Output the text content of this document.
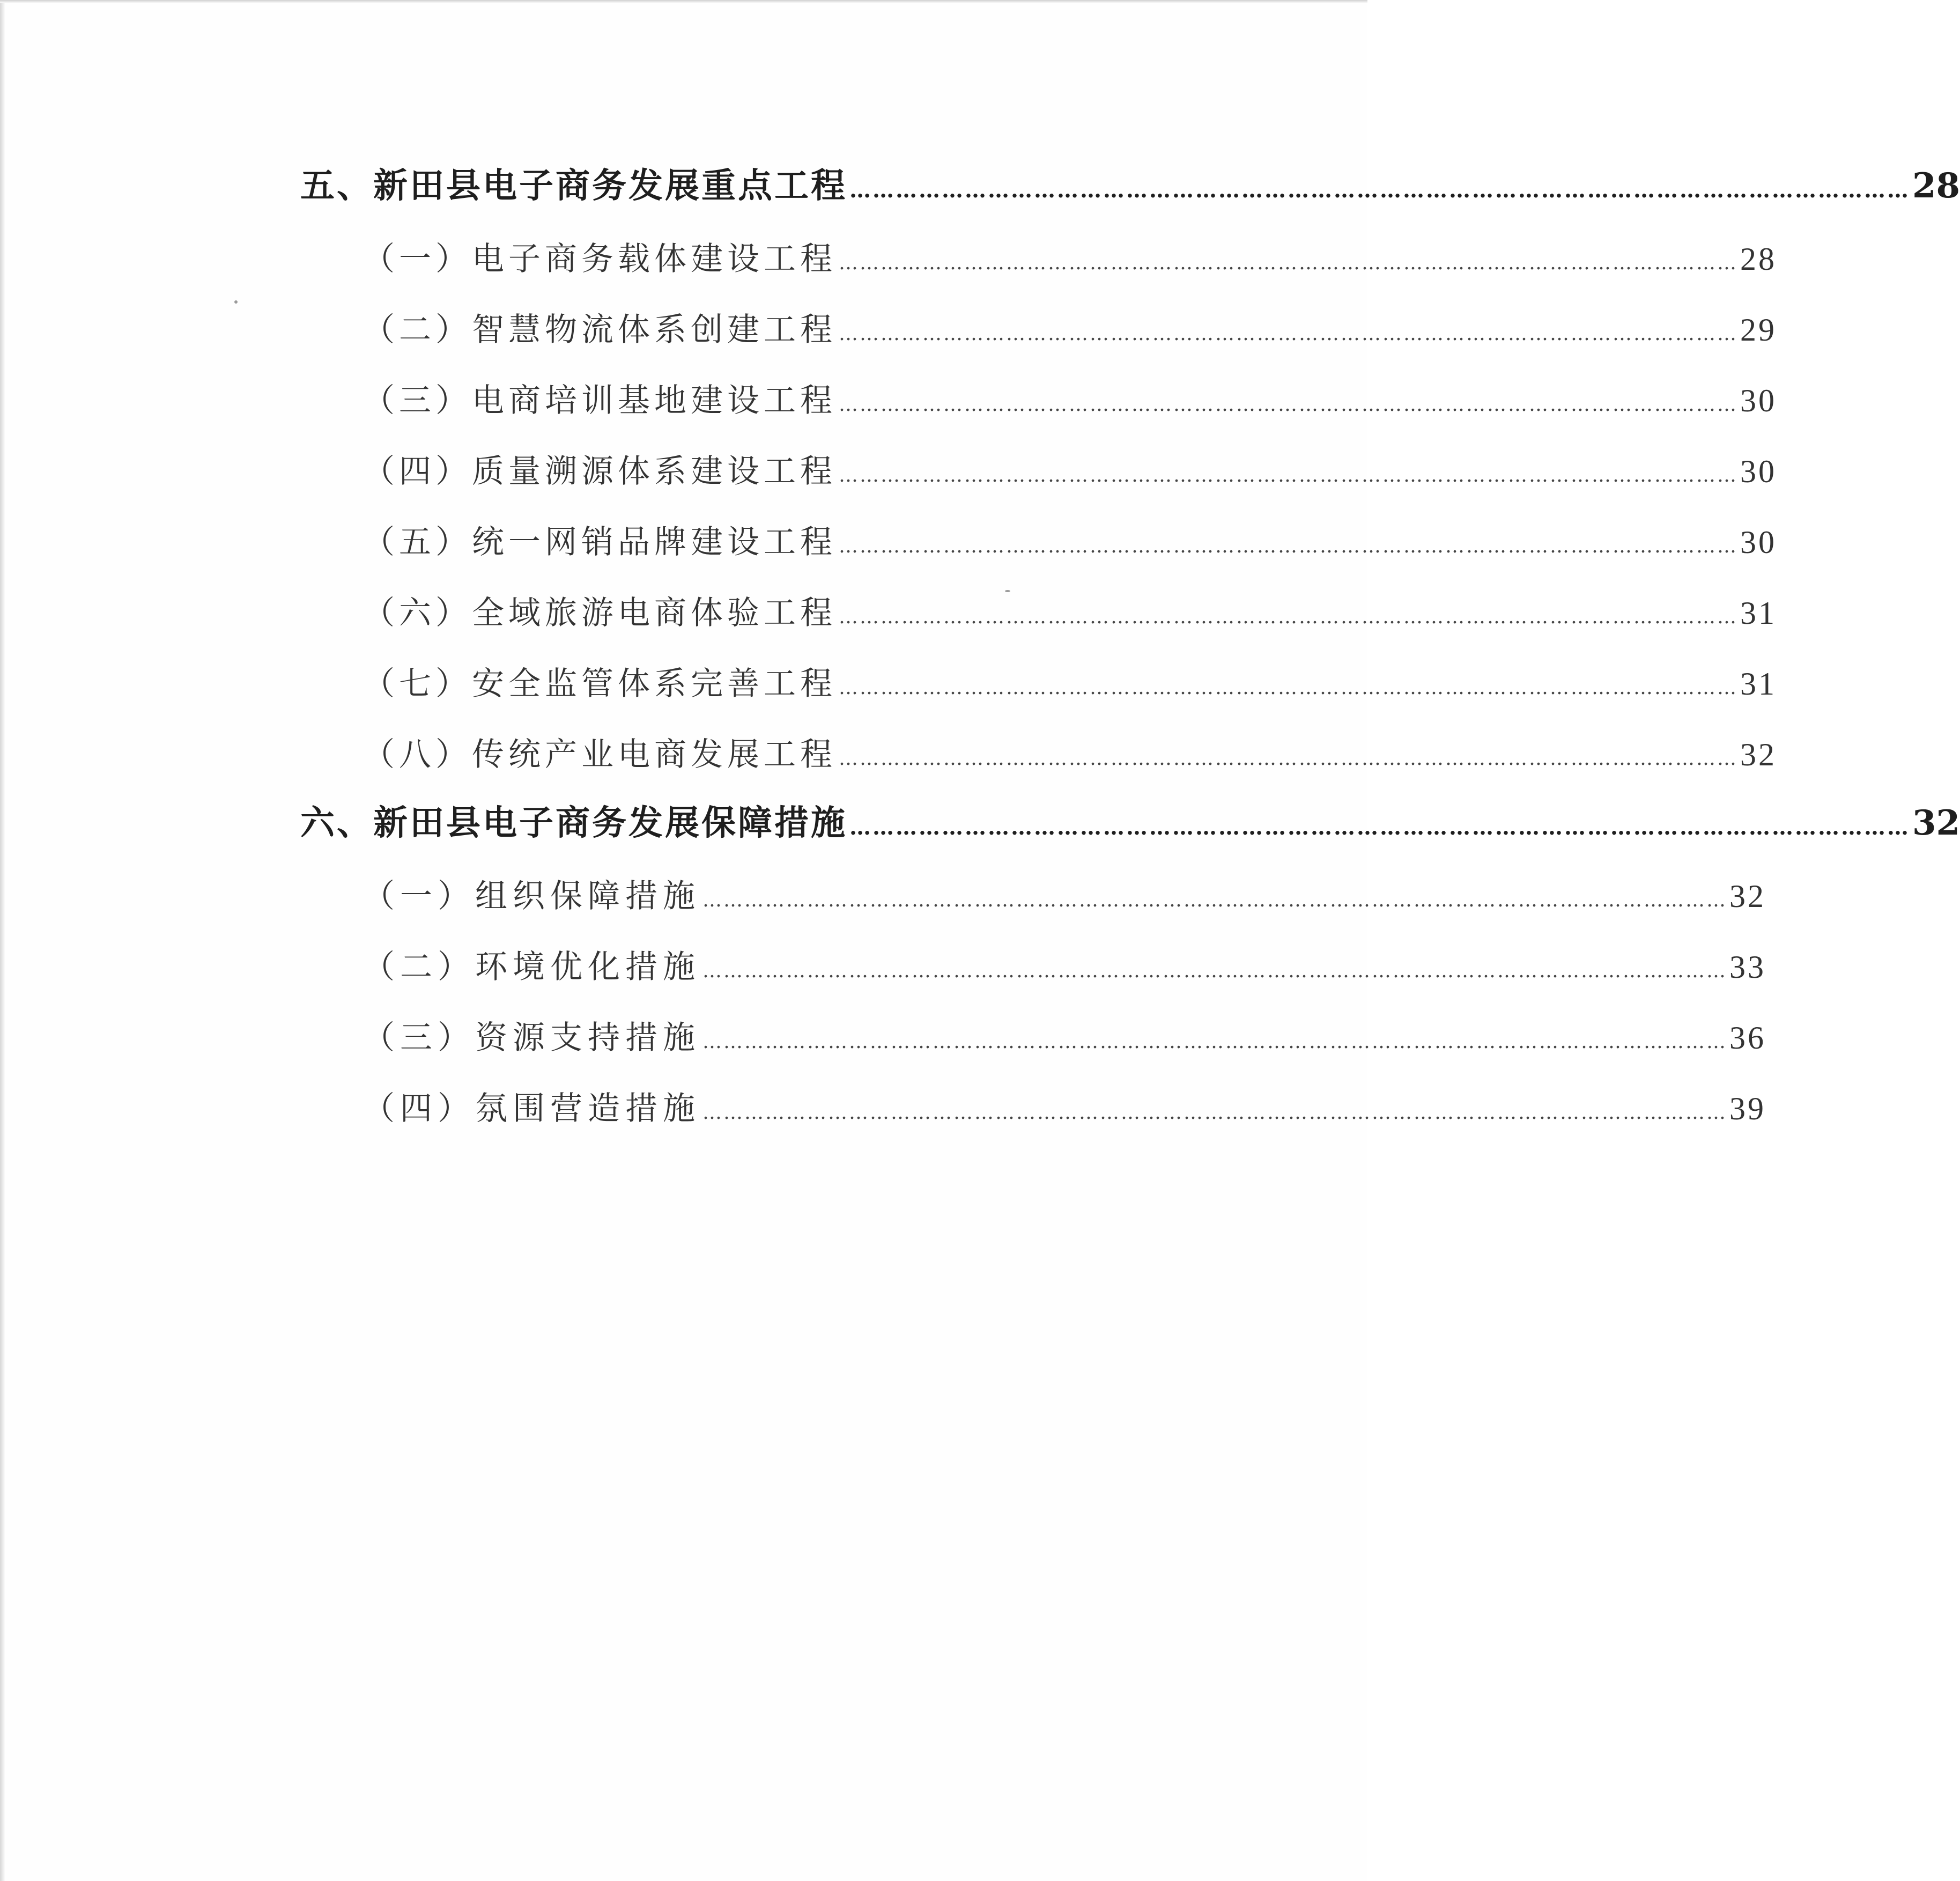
五、新田县电子商务发展重点工程 ………………………………………………………………………………………………………………………… 28
（一）电子商务载体建设工程 ………………………………………………………………………………………………………………… 28
（二）智慧物流体系创建工程 ………………………………………………………………………………………………………………… 29
（三）电商培训基地建设工程 ………………………………………………………………………………………………………………… 30
（四）质量溯源体系建设工程 ………………………………………………………………………………………………………………… 30
（五）统一网销品牌建设工程 ………………………………………………………………………………………………………………… 30
（六）全域旅游电商体验工程 ………………………………………………………………………………………………………………… 31
（七）安全监管体系完善工程 ………………………………………………………………………………………………………………… 31
（八）传统产业电商发展工程 ………………………………………………………………………………………………………………… 32
六、新田县电子商务发展保障措施 ………………………………………………………………………………………………………………………… 32
（一）组织保障措施 ………………………………………………………………………………………………………………………………… 32
（二）环境优化措施 ………………………………………………………………………………………………………………………………… 33
（三）资源支持措施 ………………………………………………………………………………………………………………………………… 36
（四）氛围营造措施 ………………………………………………………………………………………………………………………………… 39
